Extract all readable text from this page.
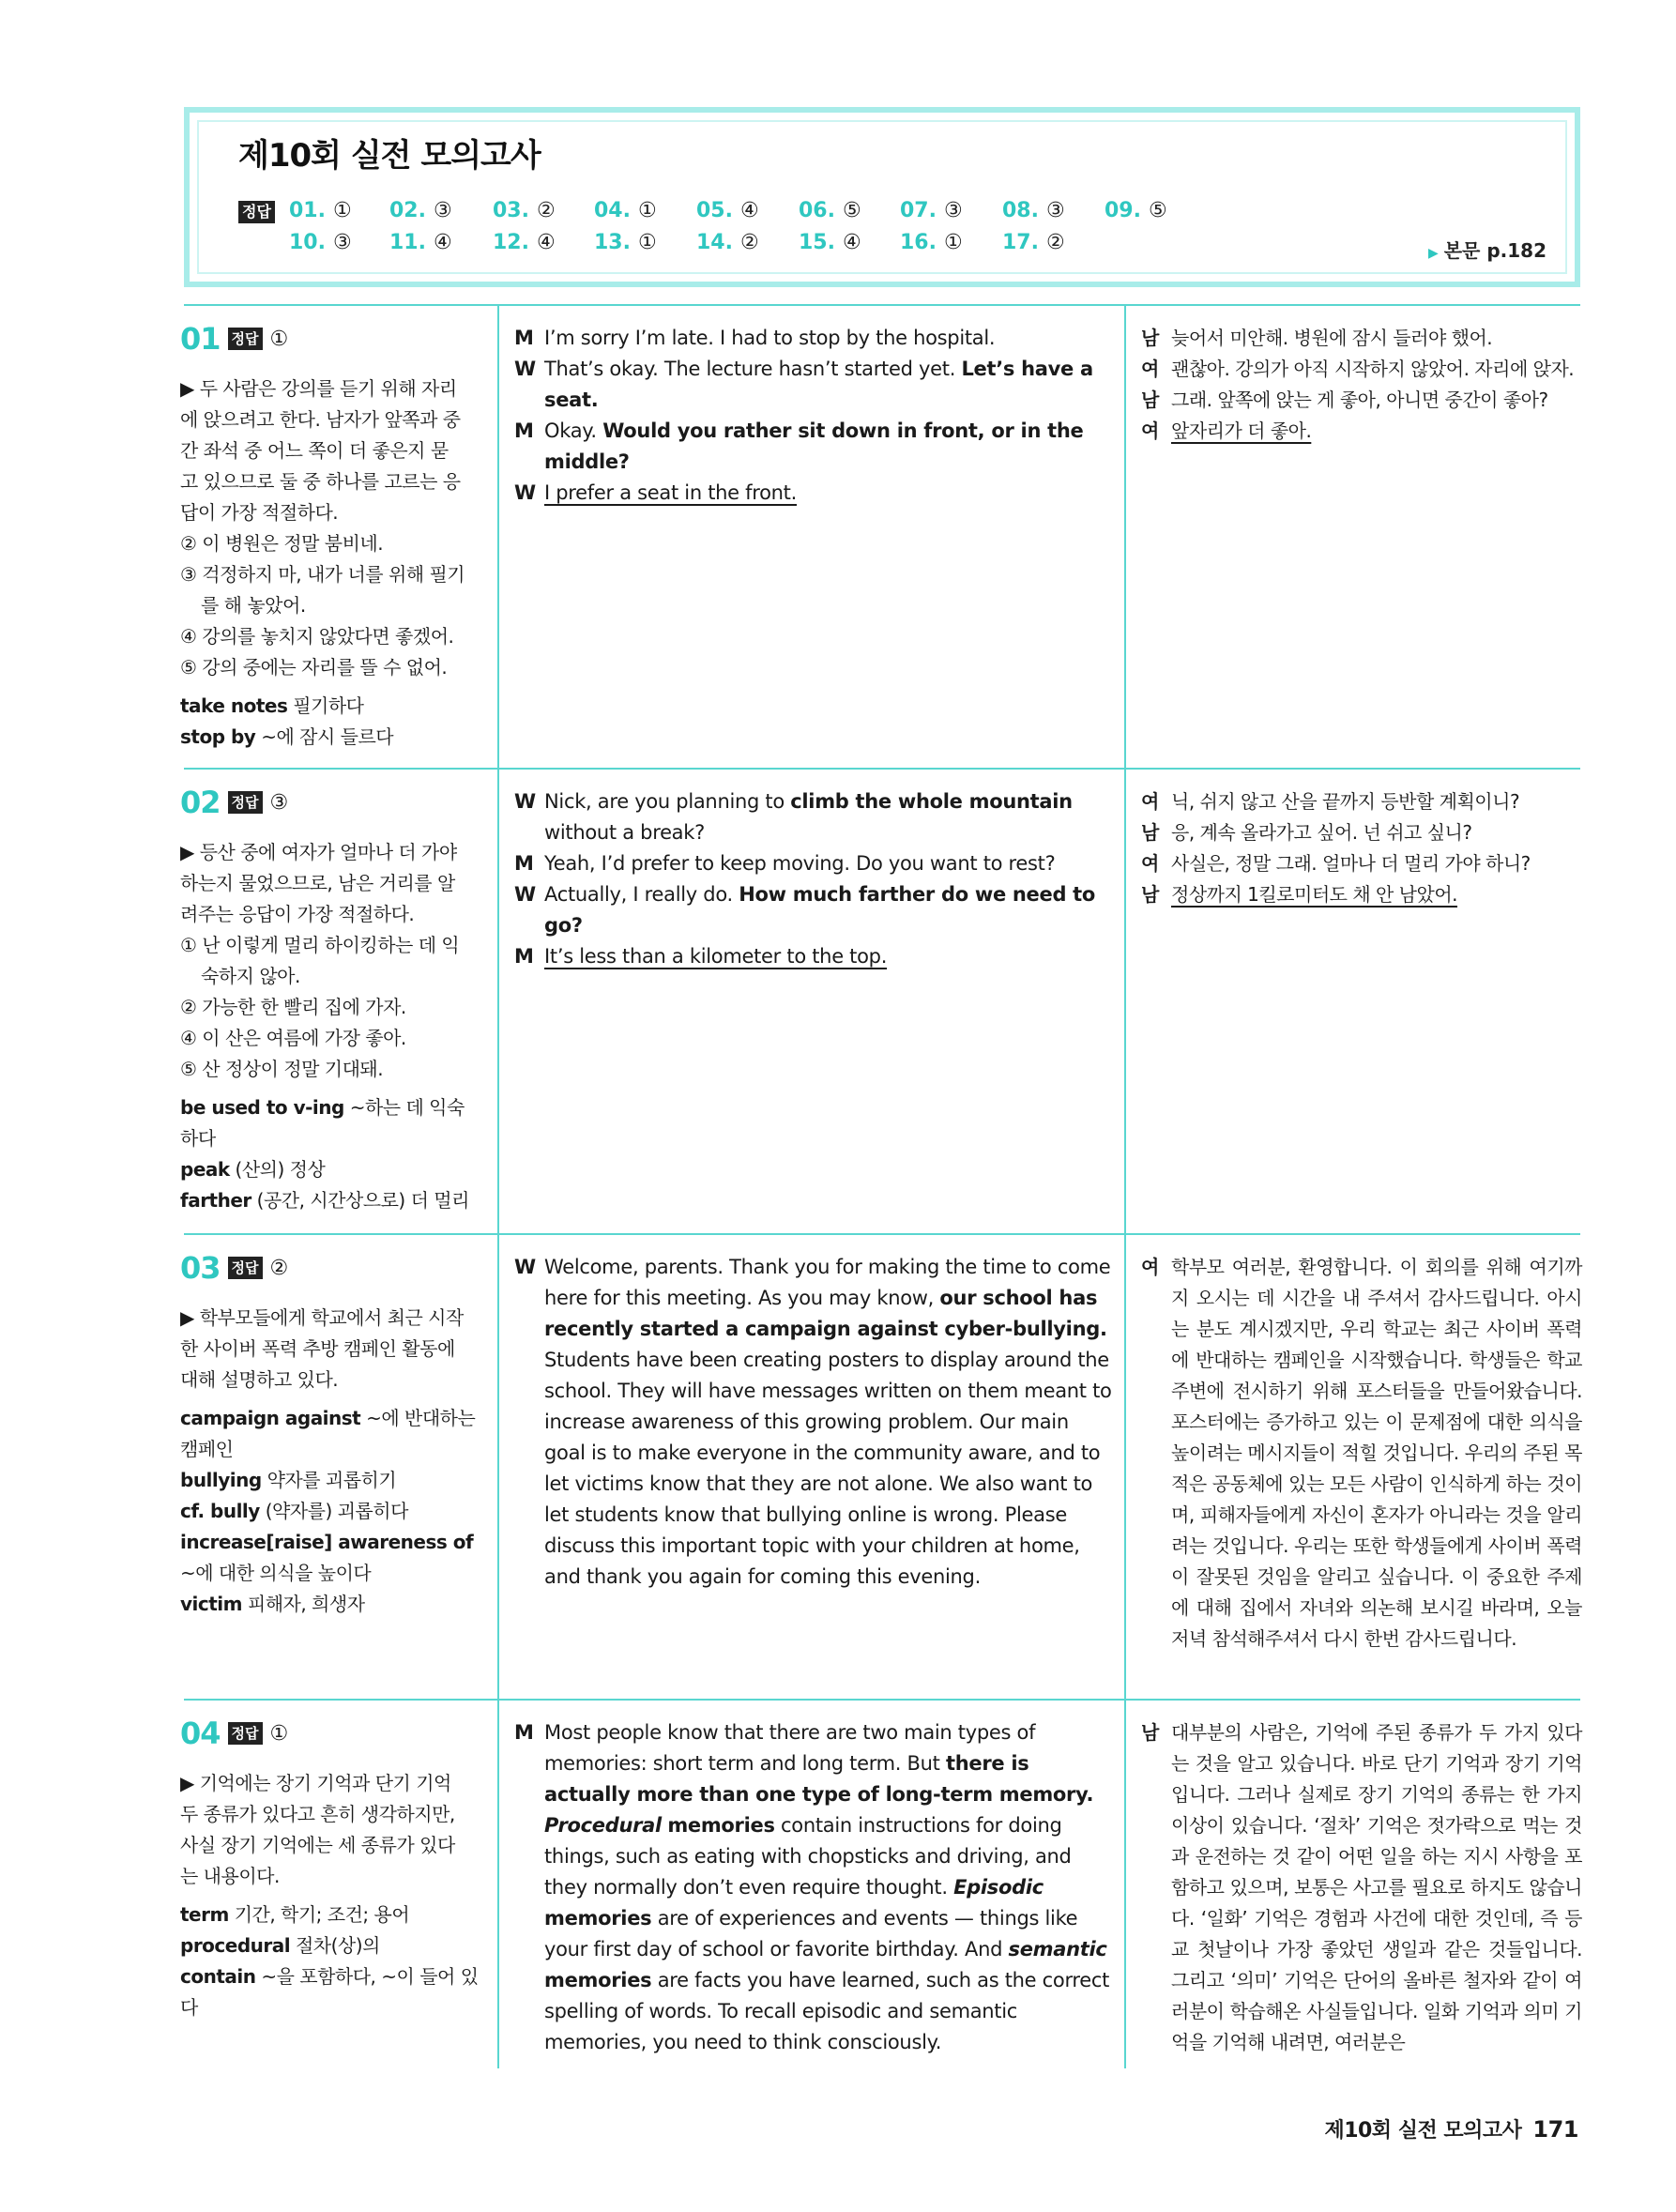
제10회 실전 모의고사
정답 01. ① 02. ③ 03. ② 04. ① 05. ④ 06. ⑤ 07. ③ 08. ③ 09. ⑤
10. ③ 11. ④ 12. ④ 13. ① 14. ② 15. ④ 16. ① 17. ②	▶ 본문 p.182
01 정답 ①
▶ 두 사람은 강의를 듣기 위해 자리
에 앉으려고 한다. 남자가 앞쪽과 중
간 좌석 중 어느 쪽이 더 좋은지 묻
고 있으므로 둘 중 하나를 고르는 응
답이 가장 적절하다.
② 이 병원은 정말 붐비네.
③ 걱정하지 마, 내가 너를 위해 필기
를 해 놓았어.
④ 강의를 놓치지 않았다면 좋겠어.
⑤ 강의 중에는 자리를 뜰 수 없어.
take notes 필기하다
stop by ~에 잠시 들르다
M I’m sorry I’m late. I had to stop by the hospital.
W That’s okay. The lecture hasn’t started yet. Let’s have a seat.
M Okay. Would you rather sit down in front, or in the middle?
W I prefer a seat in the front.
남 늦어서 미안해. 병원에 잠시 들러야 했어.
여 괜찮아. 강의가 아직 시작하지 않았어. 자리에 앉자.
남 그래. 앞쪽에 앉는 게 좋아, 아니면 중간이 좋아?
여 앞자리가 더 좋아.
02 정답 ③
▶ 등산 중에 여자가 얼마나 더 가야
하는지 물었으므로, 남은 거리를 알
려주는 응답이 가장 적절하다.
① 난 이렇게 멀리 하이킹하는 데 익
숙하지 않아.
② 가능한 한 빨리 집에 가자.
④ 이 산은 여름에 가장 좋아.
⑤ 산 정상이 정말 기대돼.
be used to v-ing ~하는 데 익숙하다
peak (산의) 정상
farther (공간, 시간상으로) 더 멀리
W Nick, are you planning to climb the whole mountain without a break?
M Yeah, I’d prefer to keep moving. Do you want to rest?
W Actually, I really do. How much farther do we need to go?
M It’s less than a kilometer to the top.
여 닉, 쉬지 않고 산을 끝까지 등반할 계획이니?
남 응, 계속 올라가고 싶어. 넌 쉬고 싶니?
여 사실은, 정말 그래. 얼마나 더 멀리 가야 하니?
남 정상까지 1킬로미터도 채 안 남았어.
03 정답 ②
▶ 학부모들에게 학교에서 최근 시작
한 사이버 폭력 추방 캠페인 활동에
대해 설명하고 있다.
campaign against ~에 반대하는 캠페인
bullying 약자를 괴롭히기
cf. bully (약자를) 괴롭히다
increase[raise] awareness of ~에 대한 의식을 높이다
victim 피해자, 희생자
W Welcome, parents. Thank you for making the time to come here for this meeting. As you may know, our school has recently started a campaign against cyber-bullying. Students have been creating posters to display around the school. They will have messages written on them meant to increase awareness of this growing problem. Our main goal is to make everyone in the community aware, and to let victims know that they are not alone. We also want to let students know that bullying online is wrong. Please discuss this important topic with your children at home, and thank you again for coming this evening.
여 학부모 여러분, 환영합니다. 이 회의를 위해 여기까지 오시는 데 시간을 내 주셔서 감사드립니다. 아시는 분도 계시겠지만, 우리 학교는 최근 사이버 폭력에 반대하는 캠페인을 시작했습니다. 학생들은 학교 주변에 전시하기 위해 포스터들을 만들어왔습니다. 포스터에는 증가하고 있는 이 문제점에 대한 의식을 높이려는 메시지들이 적힐 것입니다. 우리의 주된 목적은 공동체에 있는 모든 사람이 인식하게 하는 것이며, 피해자들에게 자신이 혼자가 아니라는 것을 알리려는 것입니다. 우리는 또한 학생들에게 사이버 폭력이 잘못된 것임을 알리고 싶습니다. 이 중요한 주제에 대해 집에서 자녀와 의논해 보시길 바라며, 오늘 저녁 참석해주셔서 다시 한번 감사드립니다.
04 정답 ①
▶ 기억에는 장기 기억과 단기 기억
두 종류가 있다고 흔히 생각하지만,
사실 장기 기억에는 세 종류가 있다
는 내용이다.
term 기간, 학기; 조건; 용어
procedural 절차(상)의
contain ~을 포함하다, ~이 들어 있다
M Most people know that there are two main types of memories: short term and long term. But there is actually more than one type of long-term memory. Procedural memories contain instructions for doing things, such as eating with chopsticks and driving, and they normally don’t even require thought. Episodic memories are of experiences and events — things like your first day of school or favorite birthday. And semantic memories are facts you have learned, such as the correct spelling of words. To recall episodic and semantic memories, you need to think consciously.
남 대부분의 사람은, 기억에 주된 종류가 두 가지 있다는 것을 알고 있습니다. 바로 단기 기억과 장기 기억입니다. 그러나 실제로 장기 기억의 종류는 한 가지 이상이 있습니다. ‘절차’ 기억은 젓가락으로 먹는 것과 운전하는 것 같이 어떤 일을 하는 지시 사항을 포함하고 있으며, 보통은 사고를 필요로 하지도 않습니다. ‘일화’ 기억은 경험과 사건에 대한 것인데, 즉 등교 첫날이나 가장 좋았던 생일과 같은 것들입니다. 그리고 ‘의미’ 기억은 단어의 올바른 철자와 같이 여러분이 학습해온 사실들입니다. 일화 기억과 의미 기억을 기억해 내려면, 여러분은
제10회 실전 모의고사 171
